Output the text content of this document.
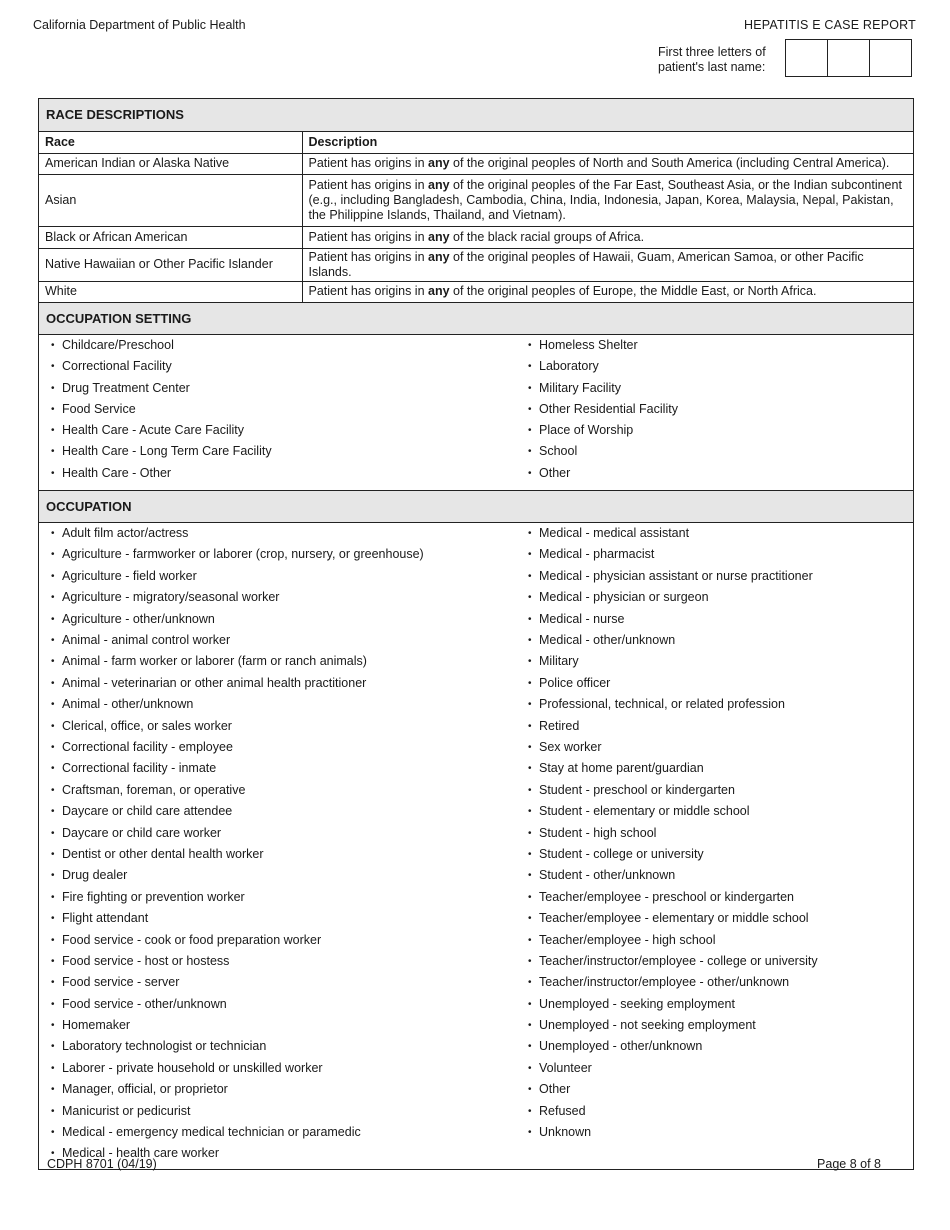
California Department of Public Health	HEPATITIS E CASE REPORT
First three letters of patient's last name:
RACE DESCRIPTIONS
Race	Description
American Indian or Alaska Native	Patient has origins in any of the original peoples of North and South America (including Central America).
Asian	Patient has origins in any of the original peoples of the Far East, Southeast Asia, or the Indian subcontinent (e.g., including Bangladesh, Cambodia, China, India, Indonesia, Japan, Korea, Malaysia, Nepal, Pakistan, the Philippine Islands, Thailand, and Vietnam).
Black or African American	Patient has origins in any of the black racial groups of Africa.
Native Hawaiian or Other Pacific Islander	Patient has origins in any of the original peoples of Hawaii, Guam, American Samoa, or other Pacific Islands.
White	Patient has origins in any of the original peoples of Europe, the Middle East, or North Africa.
OCCUPATION SETTING
• Childcare/Preschool
• Correctional Facility
• Drug Treatment Center
• Food Service
• Health Care - Acute Care Facility
• Health Care - Long Term Care Facility
• Health Care - Other
• Homeless Shelter
• Laboratory
• Military Facility
• Other Residential Facility
• Place of Worship
• School
• Other
OCCUPATION
• Adult film actor/actress
• Agriculture - farmworker or laborer (crop, nursery, or greenhouse)
• Agriculture - field worker
• Agriculture - migratory/seasonal worker
• Agriculture - other/unknown
• Animal - animal control worker
• Animal - farm worker or laborer (farm or ranch animals)
• Animal - veterinarian or other animal health practitioner
• Animal - other/unknown
• Clerical, office, or sales worker
• Correctional facility - employee
• Correctional facility - inmate
• Craftsman, foreman, or operative
• Daycare or child care attendee
• Daycare or child care worker
• Dentist or other dental health worker
• Drug dealer
• Fire fighting or prevention worker
• Flight attendant
• Food service - cook or food preparation worker
• Food service - host or hostess
• Food service - server
• Food service - other/unknown
• Homemaker
• Laboratory technologist or technician
• Laborer - private household or unskilled worker
• Manager, official, or proprietor
• Manicurist or pedicurist
• Medical - emergency medical technician or paramedic
• Medical - health care worker
• Medical - medical assistant
• Medical - pharmacist
• Medical - physician assistant or nurse practitioner
• Medical - physician or surgeon
• Medical - nurse
• Medical - other/unknown
• Military
• Police officer
• Professional, technical, or related profession
• Retired
• Sex worker
• Stay at home parent/guardian
• Student - preschool or kindergarten
• Student - elementary or middle school
• Student - high school
• Student - college or university
• Student - other/unknown
• Teacher/employee - preschool or kindergarten
• Teacher/employee - elementary or middle school
• Teacher/employee - high school
• Teacher/instructor/employee - college or university
• Teacher/instructor/employee - other/unknown
• Unemployed - seeking employment
• Unemployed - not seeking employment
• Unemployed - other/unknown
• Volunteer
• Other
• Refused
• Unknown
CDPH 8701 (04/19)	Page 8 of 8
